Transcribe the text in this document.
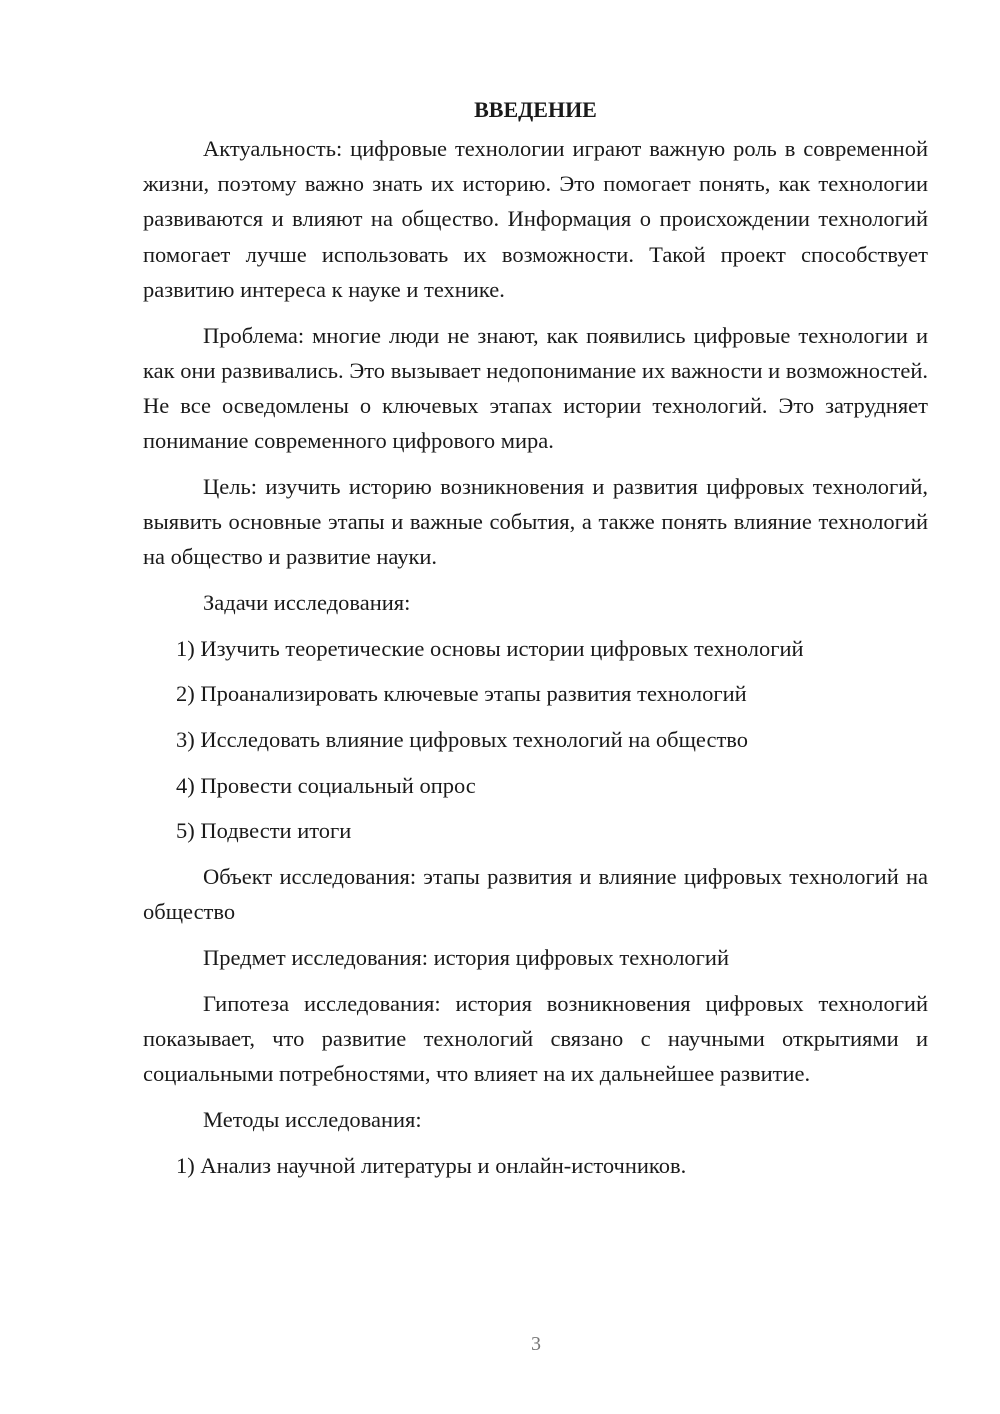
ВВЕДЕНИЕ

Актуальность: цифровые технологии играют важную роль в современной жизни, поэтому важно знать их историю. Это помогает понять, как технологии развиваются и влияют на общество. Информация о происхождении технологий помогает лучше использовать их возможности. Такой проект способствует развитию интереса к науке и технике.

Проблема: многие люди не знают, как появились цифровые технологии и как они развивались. Это вызывает недопонимание их важности и возможностей. Не все осведомлены о ключевых этапах истории технологий. Это затрудняет понимание современного цифрового мира.

Цель: изучить историю возникновения и развития цифровых технологий, выявить основные этапы и важные события, а также понять влияние технологий на общество и развитие науки.

Задачи исследования:
1) Изучить теоретические основы истории цифровых технологий
2) Проанализировать ключевые этапы развития технологий
3) Исследовать влияние цифровых технологий на общество
4) Провести социальный опрос
5) Подвести итоги

Объект исследования: этапы развития и влияние цифровых технологий на общество

Предмет исследования: история цифровых технологий

Гипотеза исследования: история возникновения цифровых технологий показывает, что развитие технологий связано с научными открытиями и социальными потребностями, что влияет на их дальнейшее развитие.

Методы исследования:
1) Анализ научной литературы и онлайн-источников.
3
